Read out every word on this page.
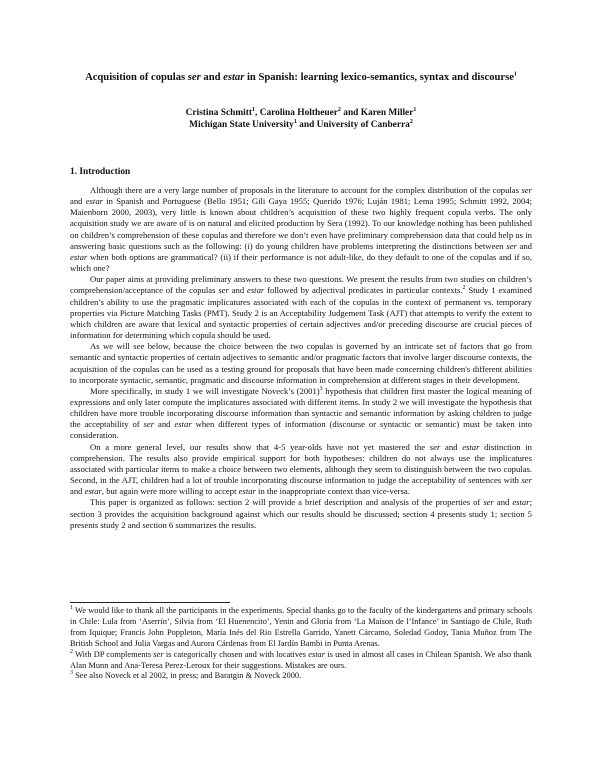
Acquisition of copulas ser and estar in Spanish: learning lexico-semantics, syntax and discourse$^1$
Cristina Schmitt$^1$, Carolina Holtheuer$^2$ and Karen Miller$^1$
Michigan State University$^1$ and University of Canberra$^2$
1. Introduction

Although there are a very large number of proposals in the literature to account for the complex distribution of the copulas ser and estar in Spanish and Portuguese (Bello 1951; Gili Gaya 1955; Querido 1976; Luján 1981; Lema 1995; Schmitt 1992, 2004; Maienborn 2000, 2003), very little is known about children’s acquisition of these two highly frequent copula verbs. The only acquisition study we are aware of is on natural and elicited production by Sera (1992). To our knowledge nothing has been published on children’s comprehension of these copulas and therefore we don’t even have preliminary comprehension data that could help us in answering basic questions such as the following: (i) do young children have problems interpreting the distinctions between ser and estar when both options are grammatical? (ii) if their performance is not adult-like, do they default to one of the copulas and if so, which one?

Our paper aims at providing preliminary answers to these two questions. We present the results from two studies on children’s comprehension/acceptance of the copulas ser and estar followed by adjectival predicates in particular contexts.$^2$ Study 1 examined children’s ability to use the pragmatic implicatures associated with each of the copulas in the context of permanent vs. temporary properties via Picture Matching Tasks (PMT). Study 2 is an Acceptability Judgement Task (AJT) that attempts to verify the extent to which children are aware that lexical and syntactic properties of certain adjectives and/or preceding discourse are crucial pieces of information for determining which copula should be used.

As we will see below, because the choice between the two copulas is governed by an intricate set of factors that go from semantic and syntactic properties of certain adjectives to semantic and/or pragmatic factors that involve larger discourse contexts, the acquisition of the copulas can be used as a testing ground for proposals that have been made concerning children's different abilities to incorporate syntactic, semantic, pragmatic and discourse information in comprehension at different stages in their development.

More specifically, in study 1 we will investigate Noveck’s $(2001)^3$ hypothesis that children first master the logical meaning of expressions and only later compute the implicatures associated with different items. In study 2 we will investigate the hypothesis that children have more trouble incorporating discourse information than syntactic and semantic information by asking children to judge the acceptability of ser and estar when different types of information (discourse or syntactic or semantic) must be taken into consideration.

On a more general level, our results show that 4-5 year-olds have not yet mastered the ser and estar distinction in comprehension. The results also provide empirical support for both hypotheses: children do not always use the implicatures associated with particular items to make a choice between two elements, although they seem to distinguish between the two copulas. Second, in the AJT, children had a lot of trouble incorporating discourse information to judge the acceptability of sentences with ser and estar, but again were more willing to accept estar in the inappropriate context than vice-versa.

This paper is organized as follows: section 2 will provide a brief description and analysis of the properties of ser and estar; section 3 provides the acquisition background against which our results should be discussed; section 4 presents study 1; section 5 presents study 2 and section 6 summarizes the results.

$^1$ We would like to thank all the participants in the experiments. Special thanks go to the faculty of the kindergartens and primary schools in Chile: Lula from ‘Aserrín’, Silvia from ‘El Huenencito’, Yenin and Gloria from ‘La Maison de l’Infance’ in Santiago de Chile, Ruth from Iquique; Francis John Poppleton, María Inés del Rio Estrella Garrido, Yanett Cárcamo, Soledad Godoy, Tania Muñoz from The British School and Julia Vargas and Aurora Cárdenas from El Jardín Bambi in Punta Arenas.

$^2$ With DP complements ser is categorically chosen and with locatives estar is used in almost all cases in Chilean Spanish. We also thank Alan Munn and Ana-Teresa Perez-Leroux for their suggestions. Mistakes are ours.

$^3$ See also Noveck et al 2002, in press; and Baratgin & Noveck 2000.
